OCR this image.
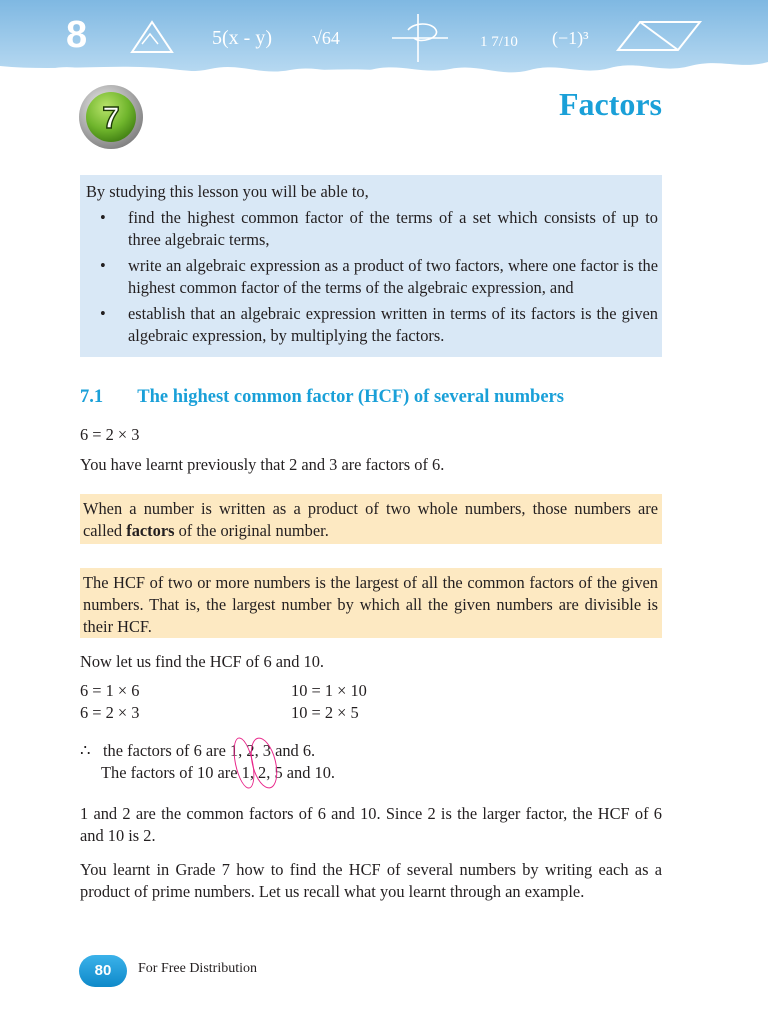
5(x - y) √64	1 7/10 (−1)³
8
7	Factors
By studying this lesson you will be able to,
• find the highest common factor of the terms of a set which consists of up to three algebraic terms,
• write an algebraic expression as a product of two factors, where one factor is the highest common factor of the terms of the algebraic expression, and
• establish that an algebraic expression written in terms of its factors is the given algebraic expression, by multiplying the factors.
7.1 The highest common factor (HCF) of several numbers
6 = 2 × 3
You have learnt previously that 2 and 3 are factors of 6.
When a number is written as a product of two whole numbers, those numbers are called factors of the original number.
The HCF of two or more numbers is the largest of all the common factors of the given numbers. That is, the largest number by which all the given numbers are divisible is their HCF.
Now let us find the HCF of 6 and 10.
6 = 1 × 6	10 = 1 × 10
6 = 2 × 3	10 = 2 × 5
∴ the factors of 6 are 1, 2, 3 and 6.
The factors of 10 are 1, 2, 5 and 10.
1 and 2 are the common factors of 6 and 10. Since 2 is the larger factor, the HCF of 6 and 10 is 2.
You learnt in Grade 7 how to find the HCF of several numbers by writing each as a product of prime numbers. Let us recall what you learnt through an example.
80	For Free Distribution
